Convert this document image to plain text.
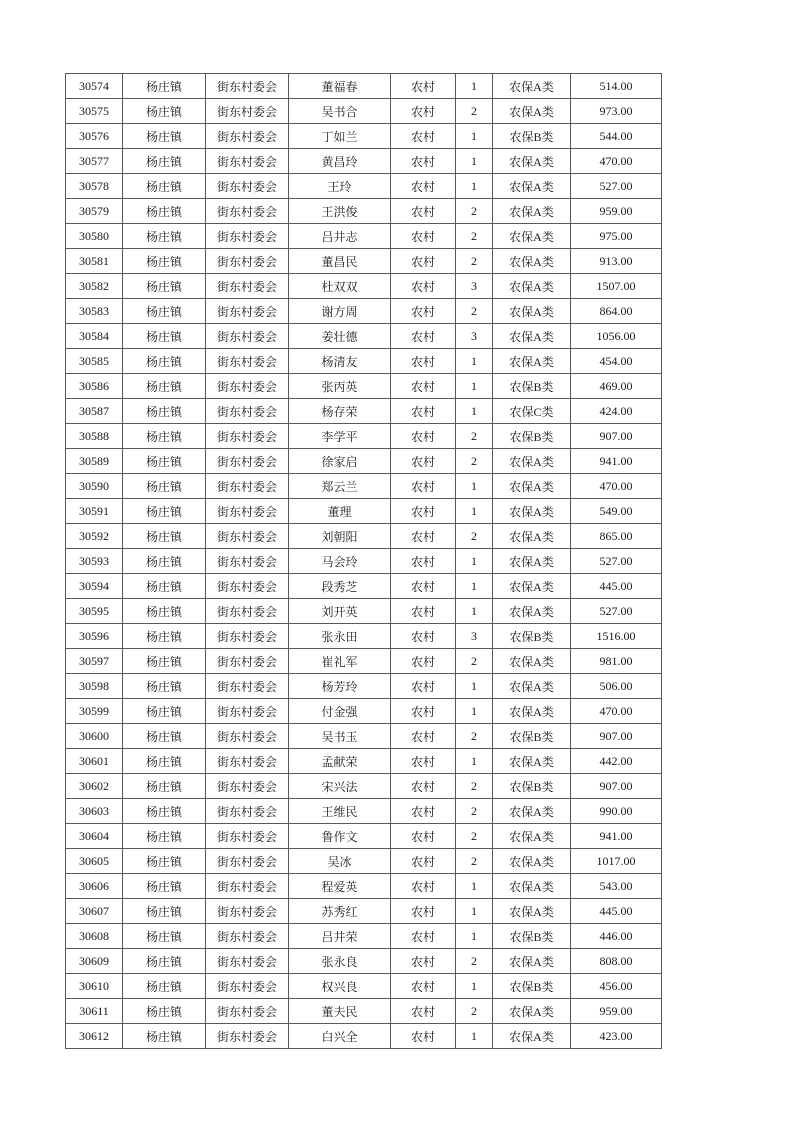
30574	杨庄镇	街东村委会	董福春	农村	1	农保A类	514.00
30575	杨庄镇	街东村委会	吴书合	农村	2	农保A类	973.00
30576	杨庄镇	街东村委会	丁如兰	农村	1	农保B类	544.00
30577	杨庄镇	街东村委会	黄昌玲	农村	1	农保A类	470.00
30578	杨庄镇	街东村委会	王玲	农村	1	农保A类	527.00
30579	杨庄镇	街东村委会	王洪俊	农村	2	农保A类	959.00
30580	杨庄镇	街东村委会	吕井志	农村	2	农保A类	975.00
30581	杨庄镇	街东村委会	董昌民	农村	2	农保A类	913.00
30582	杨庄镇	街东村委会	杜双双	农村	3	农保A类	1507.00
30583	杨庄镇	街东村委会	谢方周	农村	2	农保A类	864.00
30584	杨庄镇	街东村委会	姜壮德	农村	3	农保A类	1056.00
30585	杨庄镇	街东村委会	杨清友	农村	1	农保A类	454.00
30586	杨庄镇	街东村委会	张丙英	农村	1	农保B类	469.00
30587	杨庄镇	街东村委会	杨存荣	农村	1	农保C类	424.00
30588	杨庄镇	街东村委会	李学平	农村	2	农保B类	907.00
30589	杨庄镇	街东村委会	徐家启	农村	2	农保A类	941.00
30590	杨庄镇	街东村委会	郑云兰	农村	1	农保A类	470.00
30591	杨庄镇	街东村委会	董理	农村	1	农保A类	549.00
30592	杨庄镇	街东村委会	刘朝阳	农村	2	农保A类	865.00
30593	杨庄镇	街东村委会	马会玲	农村	1	农保A类	527.00
30594	杨庄镇	街东村委会	段秀芝	农村	1	农保A类	445.00
30595	杨庄镇	街东村委会	刘开英	农村	1	农保A类	527.00
30596	杨庄镇	街东村委会	张永田	农村	3	农保B类	1516.00
30597	杨庄镇	街东村委会	崔礼军	农村	2	农保A类	981.00
30598	杨庄镇	街东村委会	杨芳玲	农村	1	农保A类	506.00
30599	杨庄镇	街东村委会	付金强	农村	1	农保A类	470.00
30600	杨庄镇	街东村委会	吴书玉	农村	2	农保B类	907.00
30601	杨庄镇	街东村委会	孟献荣	农村	1	农保A类	442.00
30602	杨庄镇	街东村委会	宋兴法	农村	2	农保B类	907.00
30603	杨庄镇	街东村委会	王维民	农村	2	农保A类	990.00
30604	杨庄镇	街东村委会	鲁作文	农村	2	农保A类	941.00
30605	杨庄镇	街东村委会	吴冰	农村	2	农保A类	1017.00
30606	杨庄镇	街东村委会	程爱英	农村	1	农保A类	543.00
30607	杨庄镇	街东村委会	苏秀红	农村	1	农保A类	445.00
30608	杨庄镇	街东村委会	吕井荣	农村	1	农保B类	446.00
30609	杨庄镇	街东村委会	张永良	农村	2	农保A类	808.00
30610	杨庄镇	街东村委会	权兴良	农村	1	农保B类	456.00
30611	杨庄镇	街东村委会	董夫民	农村	2	农保A类	959.00
30612	杨庄镇	街东村委会	白兴全	农村	1	农保A类	423.00
